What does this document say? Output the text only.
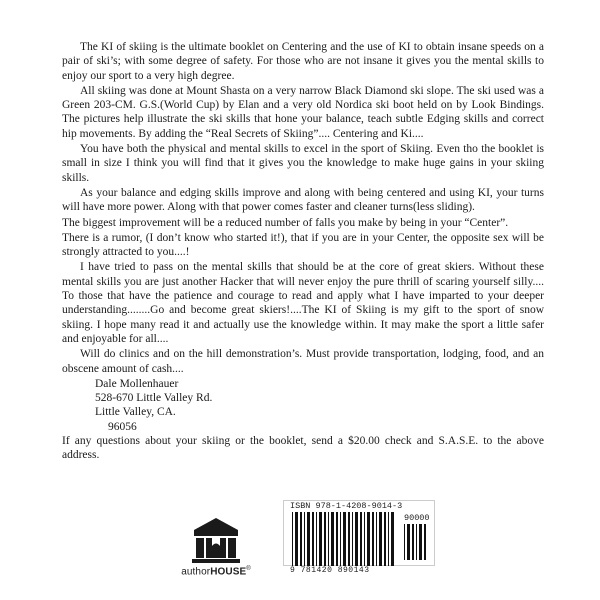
The KI of skiing is the ultimate booklet on Centering and the use of KI to obtain insane speeds on a pair of ski’s; with some degree of safety. For those who are not insane it gives you the mental skills to enjoy our sport to a very high degree.

All skiing was done at Mount Shasta on a very narrow Black Diamond ski slope. The ski used was a Green 203-CM. G.S.(World Cup) by Elan and a very old Nordica ski boot held on by Look Bindings. The pictures help illustrate the ski skills that hone your balance, teach subtle Edging skills and correct hip movements. By adding the “Real Secrets of Skiing”.... Centering and Ki....

You have both the physical and mental skills to excel in the sport of Skiing. Even tho the booklet is small in size I think you will find that it gives you the knowledge to make huge gains in your skiing skills.

As your balance and edging skills improve and along with being centered and using KI, your turns will have more power. Along with that power comes faster and cleaner turns(less sliding).

The biggest improvement will be a reduced number of falls you make by being in your “Center”.

There is a rumor, (I don’t know who started it!), that if you are in your Center, the opposite sex will be strongly attracted to you....!

I have tried to pass on the mental skills that should be at the core of great skiers. Without these mental skills you are just another Hacker that will never enjoy the pure thrill of scaring yourself silly.... To those that have the patience and courage to read and apply what I have imparted to your deeper understanding........Go and become great skiers!....The KI of Skiing is my gift to the sport of snow skiing. I hope many read it and actually use the knowledge within. It may make the sport a little safer and enjoyable for all....

Will do clinics and on the hill demonstration’s. Must provide transportation, lodging, food, and an obscene amount of cash....

Dale Mollenhauer
528-670 Little Valley Rd.
Little Valley, CA.
96056

If any questions about your skiing or the booklet, send a $20.00 check and S.A.S.E. to the above address.

authorHOUSE®
ISBN 978-1-4208-9014-3
90000
9 781420 890143
